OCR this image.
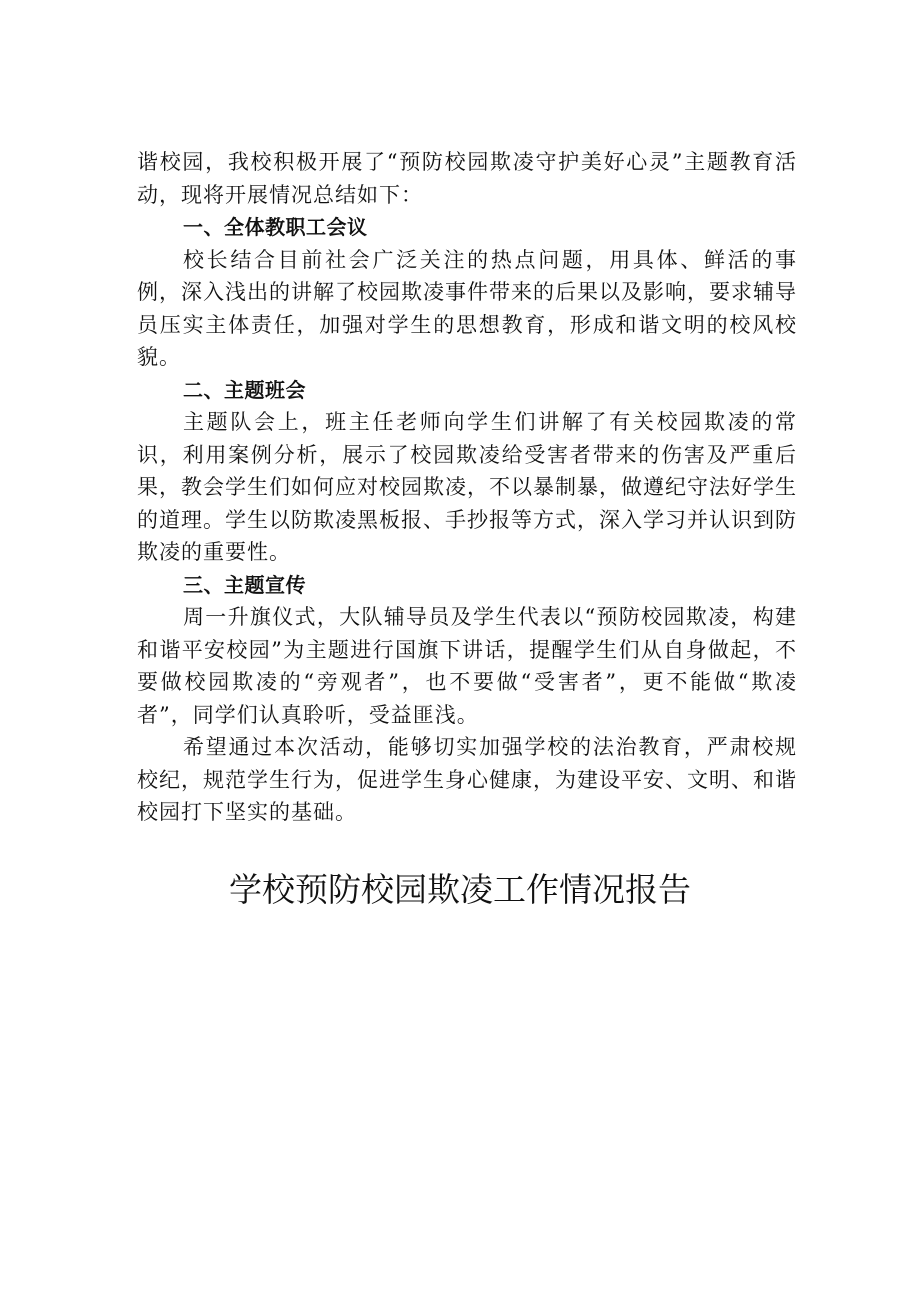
谐校园，我校积极开展了“预防校园欺凌守护美好心灵”主题教育活动，现将开展情况总结如下：

一、全体教职工会议

校长结合目前社会广泛关注的热点问题，用具体、鲜活的事例，深入浅出的讲解了校园欺凌事件带来的后果以及影响，要求辅导员压实主体责任，加强对学生的思想教育，形成和谐文明的校风校貌。

二、主题班会

主题队会上，班主任老师向学生们讲解了有关校园欺凌的常识，利用案例分析，展示了校园欺凌给受害者带来的伤害及严重后果，教会学生们如何应对校园欺凌，不以暴制暴，做遵纪守法好学生的道理。学生以防欺凌黑板报、手抄报等方式，深入学习并认识到防欺凌的重要性。

三、主题宣传

周一升旗仪式，大队辅导员及学生代表以“预防校园欺凌，构建和谐平安校园”为主题进行国旗下讲话，提醒学生们从自身做起，不要做校园欺凌的“旁观者”，也不要做“受害者”，更不能做“欺凌者”，同学们认真聆听，受益匪浅。

希望通过本次活动，能够切实加强学校的法治教育，严肃校规校纪，规范学生行为，促进学生身心健康，为建设平安、文明、和谐校园打下坚实的基础。

学校预防校园欺凌工作情况报告
